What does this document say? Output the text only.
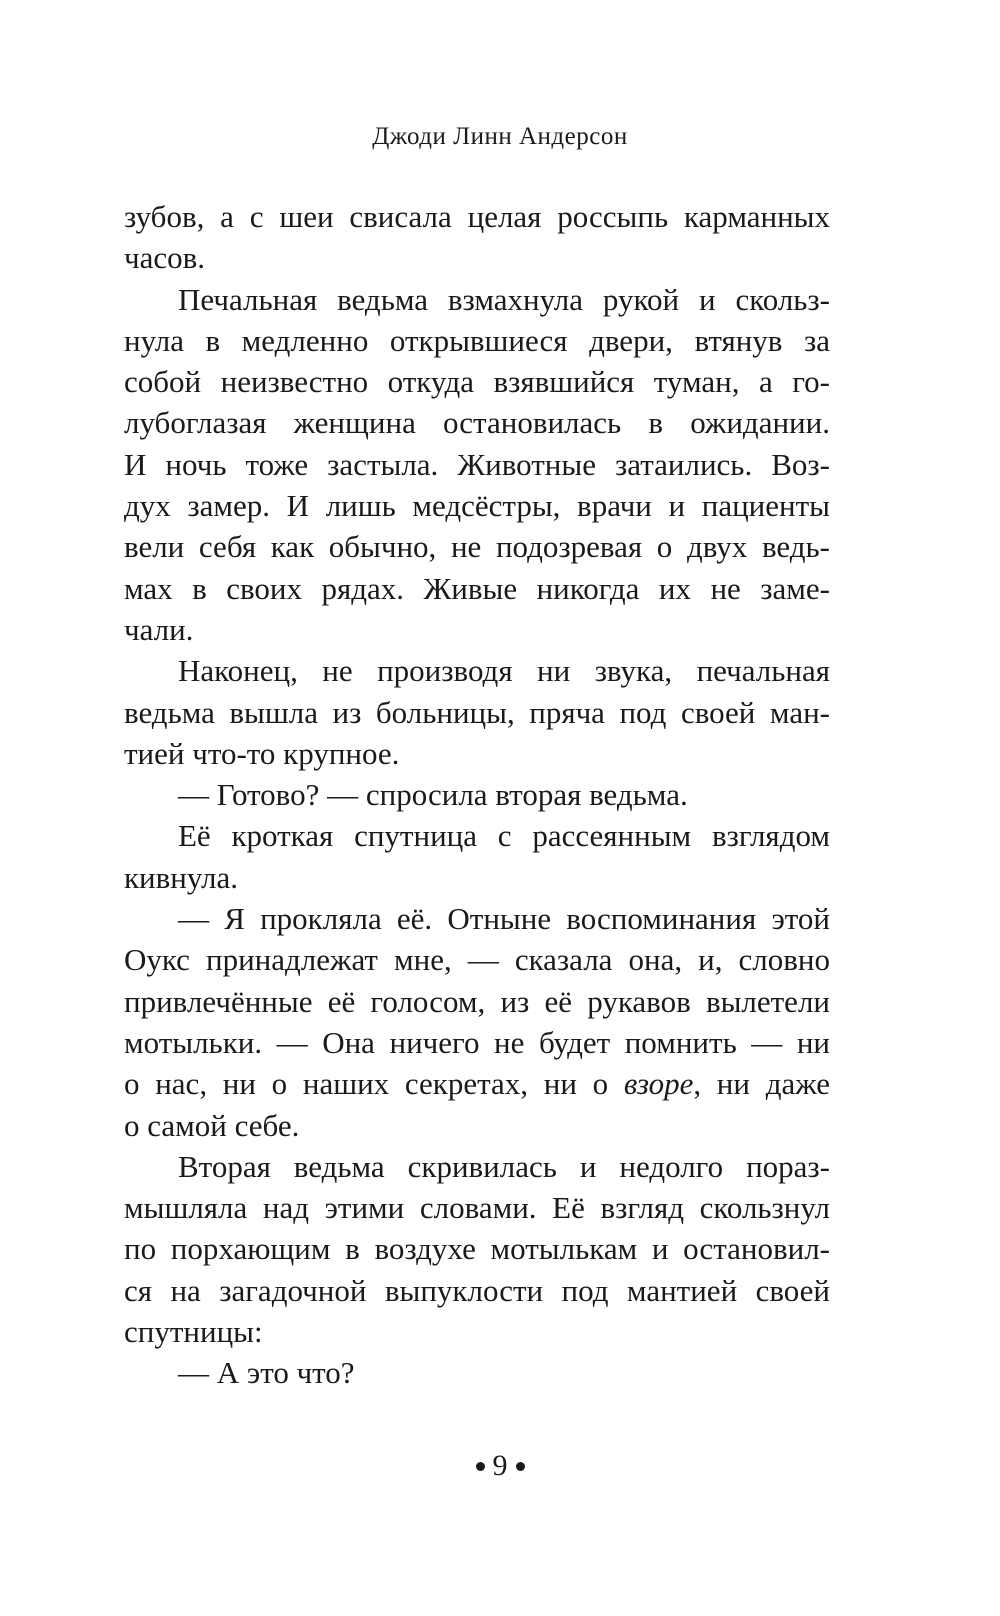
Джоди Линн Андерсон
зубов, а с шеи свисала целая россыпь карманных
часов.
Печальная ведьма взмахнула рукой и скольз-
нула в медленно открывшиеся двери, втянув за
собой неизвестно откуда взявшийся туман, а го-
лубоглазая женщина остановилась в ожидании.
И ночь тоже застыла. Животные затаились. Воз-
дух замер. И лишь медсёстры, врачи и пациенты
вели себя как обычно, не подозревая о двух ведь-
мах в своих рядах. Живые никогда их не заме-
чали.
Наконец, не производя ни звука, печальная
ведьма вышла из больницы, пряча под своей ман-
тией что-то крупное.
— Готово? — спросила вторая ведьма.
Её кроткая спутница с рассеянным взглядом
кивнула.
— Я прокляла её. Отныне воспоминания этой
Оукс принадлежат мне, — сказала она, и, словно
привлечённые её голосом, из её рукавов вылетели
мотыльки. — Она ничего не будет помнить — ни
о нас, ни о наших секретах, ни о взоре, ни даже
о самой себе.
Вторая ведьма скривилась и недолго пораз-
мышляла над этими словами. Её взгляд скользнул
по порхающим в воздухе мотылькам и остановил-
ся на загадочной выпуклости под мантией своей
спутницы:
— А это что?
9
